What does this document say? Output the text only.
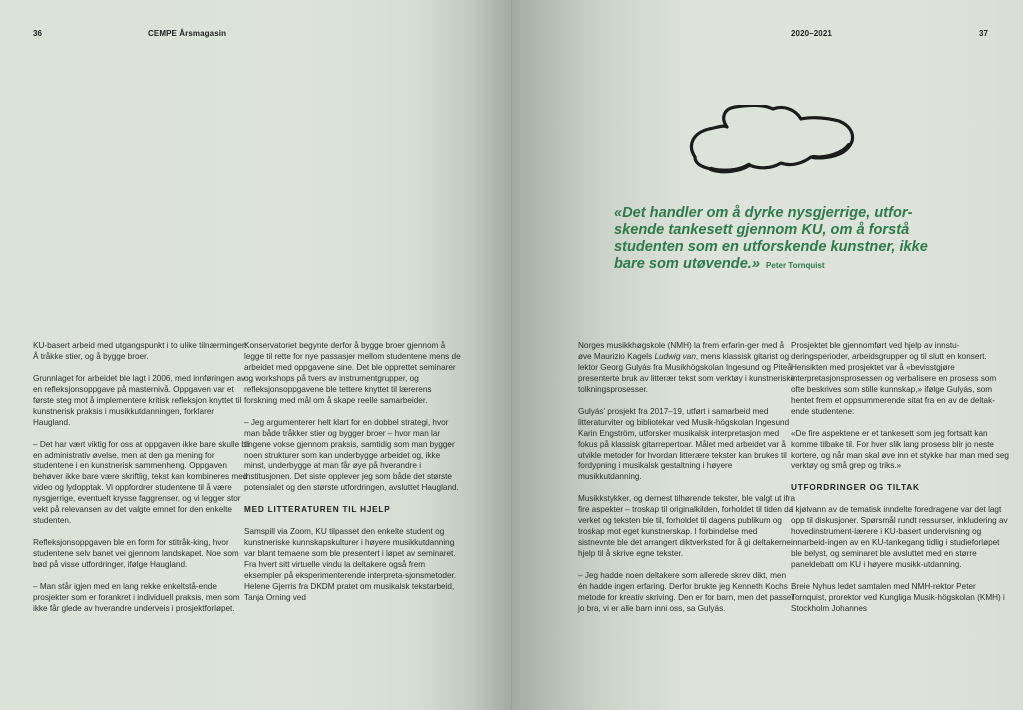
36	CEMPE Årsmagasin

KU-basert arbeid med utgangspunkt i to ulike tilnærminger: Å tråkke stier, og å bygge broer.

Grunnlaget for arbeidet ble lagt i 2006, med innføringen av en refleksjonsoppgave på masternivå. Oppgaven var et første steg mot å implementere kritisk refleksjon knyttet til kunstnerisk praksis i musikkutdanningen, forklarer Haugland.

– Det har vært viktig for oss at oppgaven ikke bare skulle bli en administrativ øvelse, men at den ga mening for studentene i en kunstnerisk sammenheng. Oppgaven behøver ikke bare være skriftlig, tekst kan kombineres med video og lydopptak. Vi oppfordrer studentene til å være nysgjerrige, eventuelt krysse faggrenser, og vi legger stor vekt på relevansen av det valgte emnet for den enkelte studenten.

Refleksjonsoppgaven ble en form for stitråk-king, hvor studentene selv banet vei gjennom landskapet. Noe som bød på visse utfordringer, ifølge Haugland.

– Man står igjen med en lang rekke enkeltstå-ende prosjekter som er forankret i individuell praksis, men som ikke får glede av hverandre underveis i prosjektforløpet.

Konservatoriet begynte derfor å bygge broer gjennom å legge til rette for nye passasjer mellom studentene mens de arbeidet med oppgavene sine. Det ble opprettet seminarer og workshops på tvers av instrumentgrupper, og refleksjonsoppgavene ble tettere knyttet til lærerens forskning med mål om å skape reelle samarbeider.

– Jeg argumenterer helt klart for en dobbel strategi, hvor man både tråkker stier og bygger broer – hvor man lar tingene vokse gjennom praksis, samtidig som man bygger noen strukturer som kan underbygge arbeidet og, ikke minst, underbygge at man får øye på hverandre i institusjonen. Det siste opplever jeg som både det største potensialet og den største utfordringen, avsluttet Haugland.

MED LITTERATUREN TIL HJELP

Samspill via Zoom, KU tilpasset den enkelte student og kunstneriske kunnskapskulturer i høyere musikkutdanning var blant temaene som ble presentert i løpet av seminaret. Fra hvert sitt virtuelle vindu la deltakere også frem eksempler på eksperimenterende interpreta-sjonsmetoder. Helene Gjerris fra DKDM pratet om musikalsk tekstarbeid, Tanja Orning ved

2020–2021	37
«Det handler om å dyrke nysgjerrige, utfor-skende tankesett gjennom KU, om å forstå studenten som en utforskende kunstner, ikke bare som utøvende.» Peter Tornquist

Norges musikkhøgskole (NMH) la frem erfarin-ger med å øve Maurizio Kagels Ludwig van, mens klassisk gitarist og lektor Georg Gulyás fra Musikhögskolan Ingesund og Piteå presenterte bruk av litterær tekst som verktøy i kunstneriske tolkningsprosesser.

Gulyás’ prosjekt fra 2017–19, utført i samarbeid med litteraturviter og bibliotekar ved Musik-högskolan Ingesund Karin Engström, utforsker musikalsk interpretasjon med fokus på klassisk gitarrepertoar. Målet med arbeidet var å utvikle metoder for hvordan litterære tekster kan brukes til fordypning i musikalsk gestaltning i høyere musikkutdanning.

Musikkstykker, og dernest tilhørende tekster, ble valgt ut ifra fire aspekter – troskap til originalkilden, forholdet til tiden da verket og teksten ble til, forholdet til dagens publikum og troskap mot eget kunstnerskap. I forbindelse med sistnevnte ble det arrangert diktverksted for å gi deltakerne hjelp til å skrive egne tekster.

– Jeg hadde noen deltakere som allerede skrev dikt, men én hadde ingen erfaring. Derfor brukte jeg Kenneth Kochs metode for kreativ skriving. Den er for barn, men det passer jo bra, vi er alle barn inni oss, sa Gulyás.

Prosjektet ble gjennomført ved hjelp av innstu-deringsperioder, arbeidsgrupper og til slutt en konsert. Hensikten med prosjektet var å «bevisstgjøre interpretasjonsprosessen og verbalisere en prosess som ofte beskrives som stille kunnskap,» ifølge Gulyás, som hentet frem et oppsummerende sitat fra en av de deltak-ende studentene:

«De fire aspektene er et tankesett som jeg fortsatt kan komme tilbake til. For hver slik lang prosess blir jo neste kortere, og når man skal øve inn et stykke har man med seg verktøy og små grep og triks.»

UTFORDRINGER OG TILTAK

I kjølvann av de tematisk inndelte foredragene var det lagt opp til diskusjoner. Spørsmål rundt ressurser, inkludering av hovedinstrument-lærere i KU-basert undervisning og innarbeid-ingen av en KU-tankegang tidlig i studieforløpet ble belyst, og seminaret ble avsluttet med en større paneldebatt om KU i høyere musikk-utdanning.

Breie Nyhus ledet samtalen med NMH-rektor Peter Tornquist, prorektor ved Kungliga Musik-högskolan (KMH) i Stockholm Johannes
